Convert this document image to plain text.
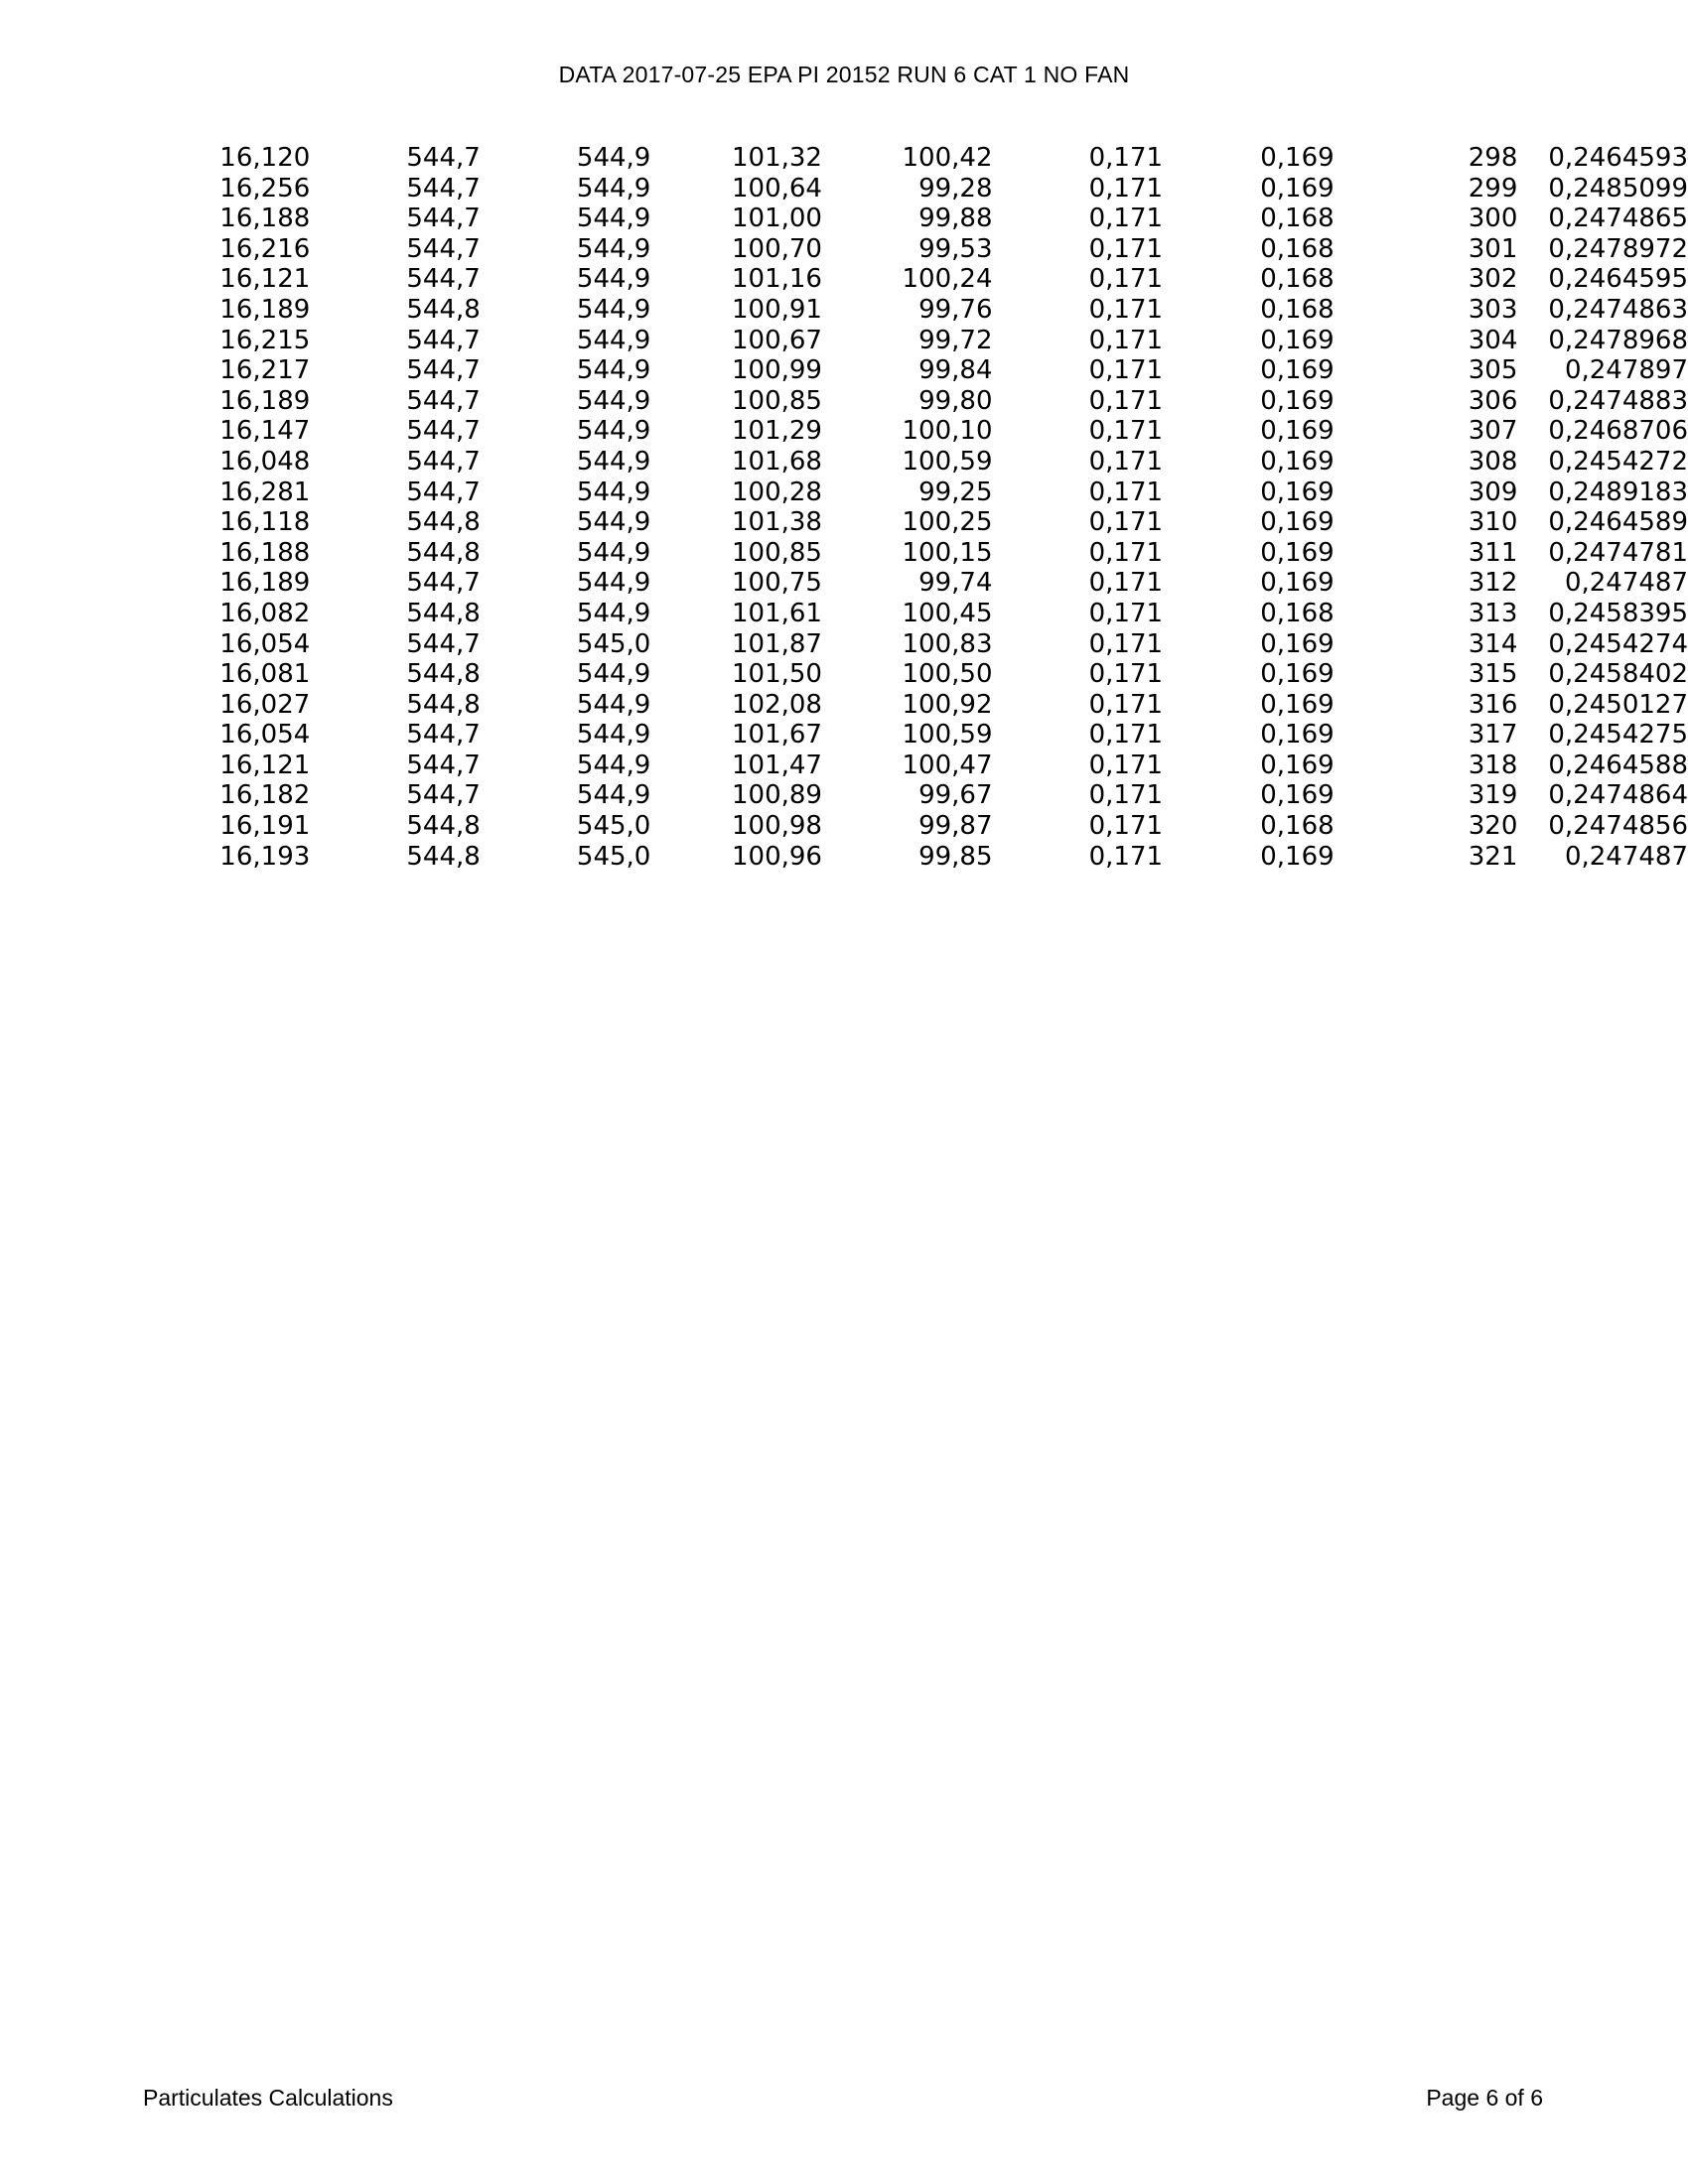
DATA 2017-07-25 EPA PI 20152 RUN 6 CAT 1 NO FAN
16,120	544,7	544,9	101,32	100,42	0,171	0,169	298	0,2464593
16,256	544,7	544,9	100,64	99,28	0,171	0,169	299	0,2485099
16,188	544,7	544,9	101,00	99,88	0,171	0,168	300	0,2474865
16,216	544,7	544,9	100,70	99,53	0,171	0,168	301	0,2478972
16,121	544,7	544,9	101,16	100,24	0,171	0,168	302	0,2464595
16,189	544,8	544,9	100,91	99,76	0,171	0,168	303	0,2474863
16,215	544,7	544,9	100,67	99,72	0,171	0,169	304	0,2478968
16,217	544,7	544,9	100,99	99,84	0,171	0,169	305	0,247897
16,189	544,7	544,9	100,85	99,80	0,171	0,169	306	0,2474883
16,147	544,7	544,9	101,29	100,10	0,171	0,169	307	0,2468706
16,048	544,7	544,9	101,68	100,59	0,171	0,169	308	0,2454272
16,281	544,7	544,9	100,28	99,25	0,171	0,169	309	0,2489183
16,118	544,8	544,9	101,38	100,25	0,171	0,169	310	0,2464589
16,188	544,8	544,9	100,85	100,15	0,171	0,169	311	0,2474781
16,189	544,7	544,9	100,75	99,74	0,171	0,169	312	0,247487
16,082	544,8	544,9	101,61	100,45	0,171	0,168	313	0,2458395
16,054	544,7	545,0	101,87	100,83	0,171	0,169	314	0,2454274
16,081	544,8	544,9	101,50	100,50	0,171	0,169	315	0,2458402
16,027	544,8	544,9	102,08	100,92	0,171	0,169	316	0,2450127
16,054	544,7	544,9	101,67	100,59	0,171	0,169	317	0,2454275
16,121	544,7	544,9	101,47	100,47	0,171	0,169	318	0,2464588
16,182	544,7	544,9	100,89	99,67	0,171	0,169	319	0,2474864
16,191	544,8	545,0	100,98	99,87	0,171	0,168	320	0,2474856
16,193	544,8	545,0	100,96	99,85	0,171	0,169	321	0,247487
Particulates Calculations	Page 6 of 6
